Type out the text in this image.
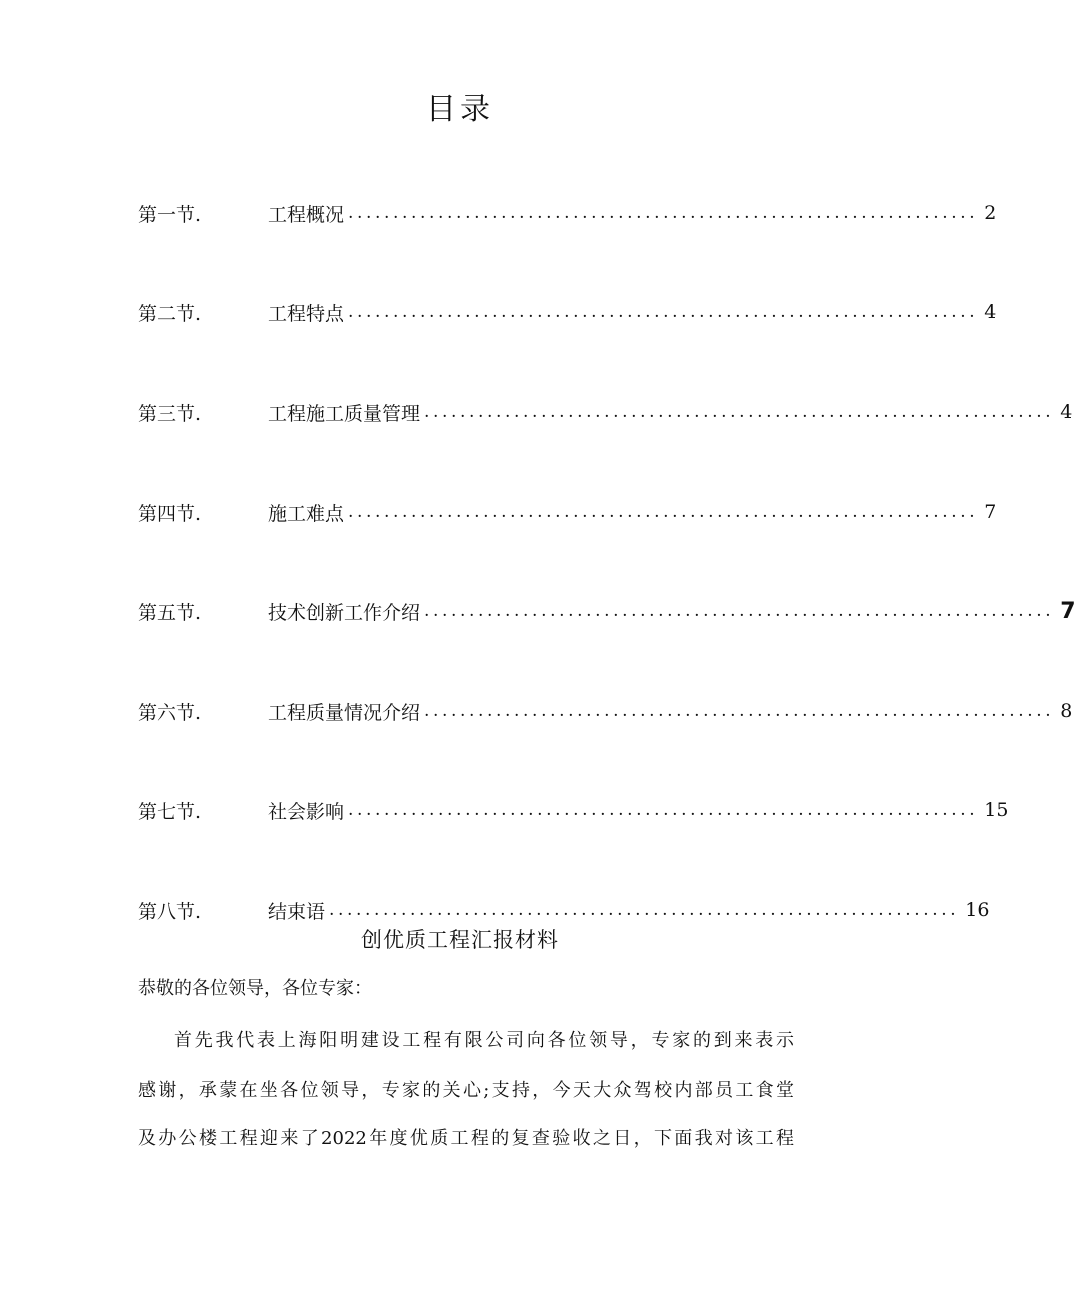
目录
第一节.	工程概况 ...................................................................... 2
第二节.	工程特点 ...................................................................... 4
第三节.	工程施工质量管理 ...................................................................... 4
第四节.	施工难点 ...................................................................... 7
第五节.	技术创新工作介绍 ...................................................................... 7
第六节.	工程质量情况介绍 ...................................................................... 8
第七节.	社会影响 ...................................................................... 15
第八节.	结束语 ...................................................................... 16
创优质工程汇报材料

恭敬的各位领导，各位专家：

首先我代表上海阳明建设工程有限公司向各位领导，专家的到来表示

感谢，承蒙在坐各位领导，专家的关心;支持，今天大众驾校内部员工食堂

及办公楼工程迎来了2022年度优质工程的复查验收之日，下面我对该工程
